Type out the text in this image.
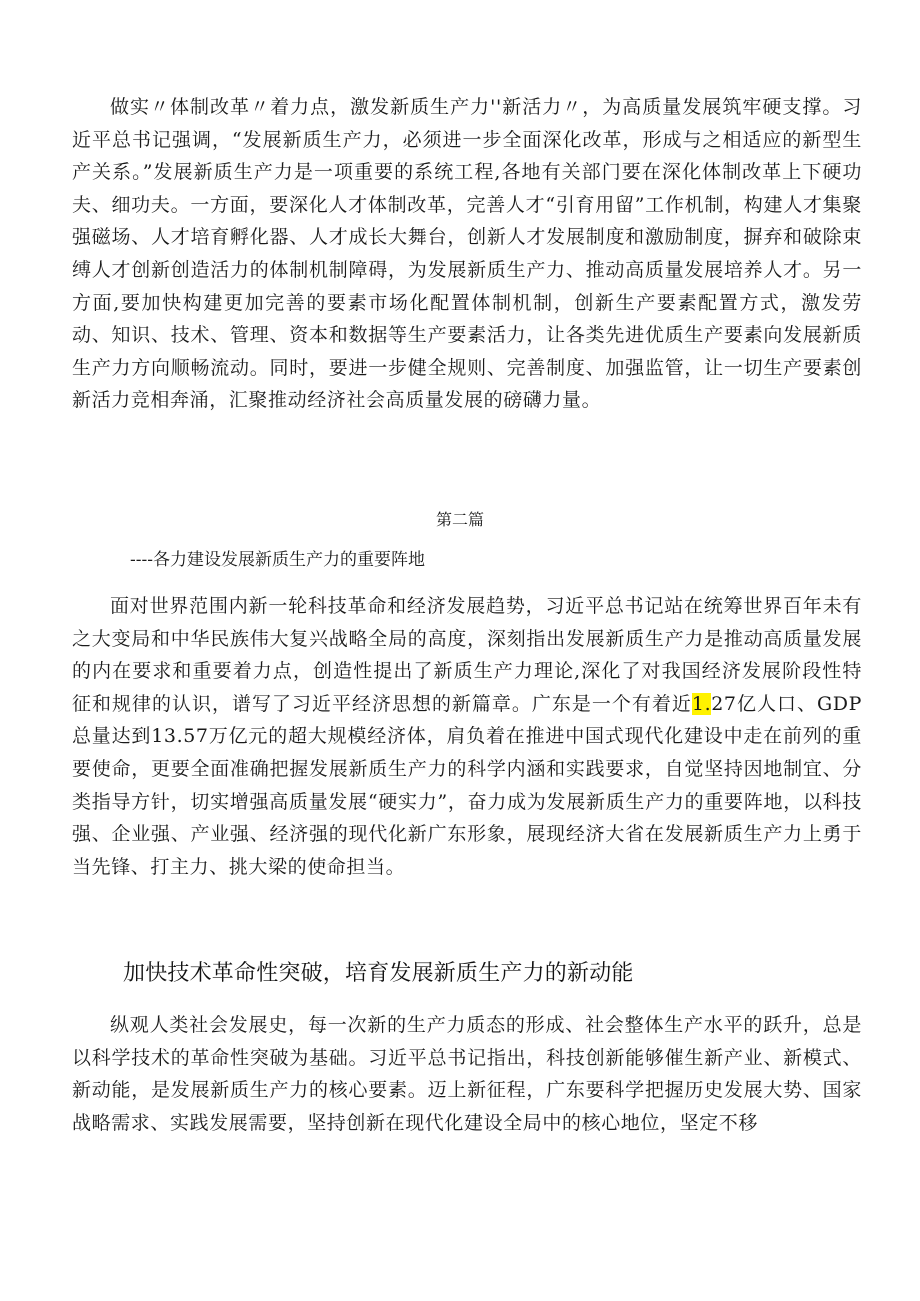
做实〃体制改革〃着力点，激发新质生产力''新活力〃，为高质量发展筑牢硬支撑。习近平总书记强调，“发展新质生产力，必须进一步全面深化改革，形成与之相适应的新型生产关系。”发展新质生产力是一项重要的系统工程,各地有关部门要在深化体制改革上下硬功夫、细功夫。一方面，要深化人才体制改革，完善人才“引育用留”工作机制，构建人才集聚强磁场、人才培育孵化器、人才成长大舞台，创新人才发展制度和激励制度，摒弃和破除束缚人才创新创造活力的体制机制障碍，为发展新质生产力、推动高质量发展培养人才。另一方面,要加快构建更加完善的要素市场化配置体制机制，创新生产要素配置方式，激发劳动、知识、技术、管理、资本和数据等生产要素活力，让各类先进优质生产要素向发展新质生产力方向顺畅流动。同时，要进一步健全规则、完善制度、加强监管，让一切生产要素创新活力竞相奔涌，汇聚推动经济社会高质量发展的磅礴力量。

第二篇

----各力建设发展新质生产力的重要阵地

面对世界范围内新一轮科技革命和经济发展趋势，习近平总书记站在统筹世界百年未有之大变局和中华民族伟大复兴战略全局的高度，深刻指出发展新质生产力是推动高质量发展的内在要求和重要着力点，创造性提出了新质生产力理论,深化了对我国经济发展阶段性特征和规律的认识，谱写了习近平经济思想的新篇章。广东是一个有着近1.27亿人口、GDP总量达到13.57万亿元的超大规模经济体，肩负着在推进中国式现代化建设中走在前列的重要使命，更要全面准确把握发展新质生产力的科学内涵和实践要求，自觉坚持因地制宜、分类指导方针，切实增强高质量发展“硬实力”，奋力成为发展新质生产力的重要阵地，以科技强、企业强、产业强、经济强的现代化新广东形象，展现经济大省在发展新质生产力上勇于当先锋、打主力、挑大梁的使命担当。

加快技术革命性突破，培育发展新质生产力的新动能

纵观人类社会发展史，每一次新的生产力质态的形成、社会整体生产水平的跃升，总是以科学技术的革命性突破为基础。习近平总书记指出，科技创新能够催生新产业、新模式、新动能，是发展新质生产力的核心要素。迈上新征程，广东要科学把握历史发展大势、国家战略需求、实践发展需要，坚持创新在现代化建设全局中的核心地位，坚定不移
